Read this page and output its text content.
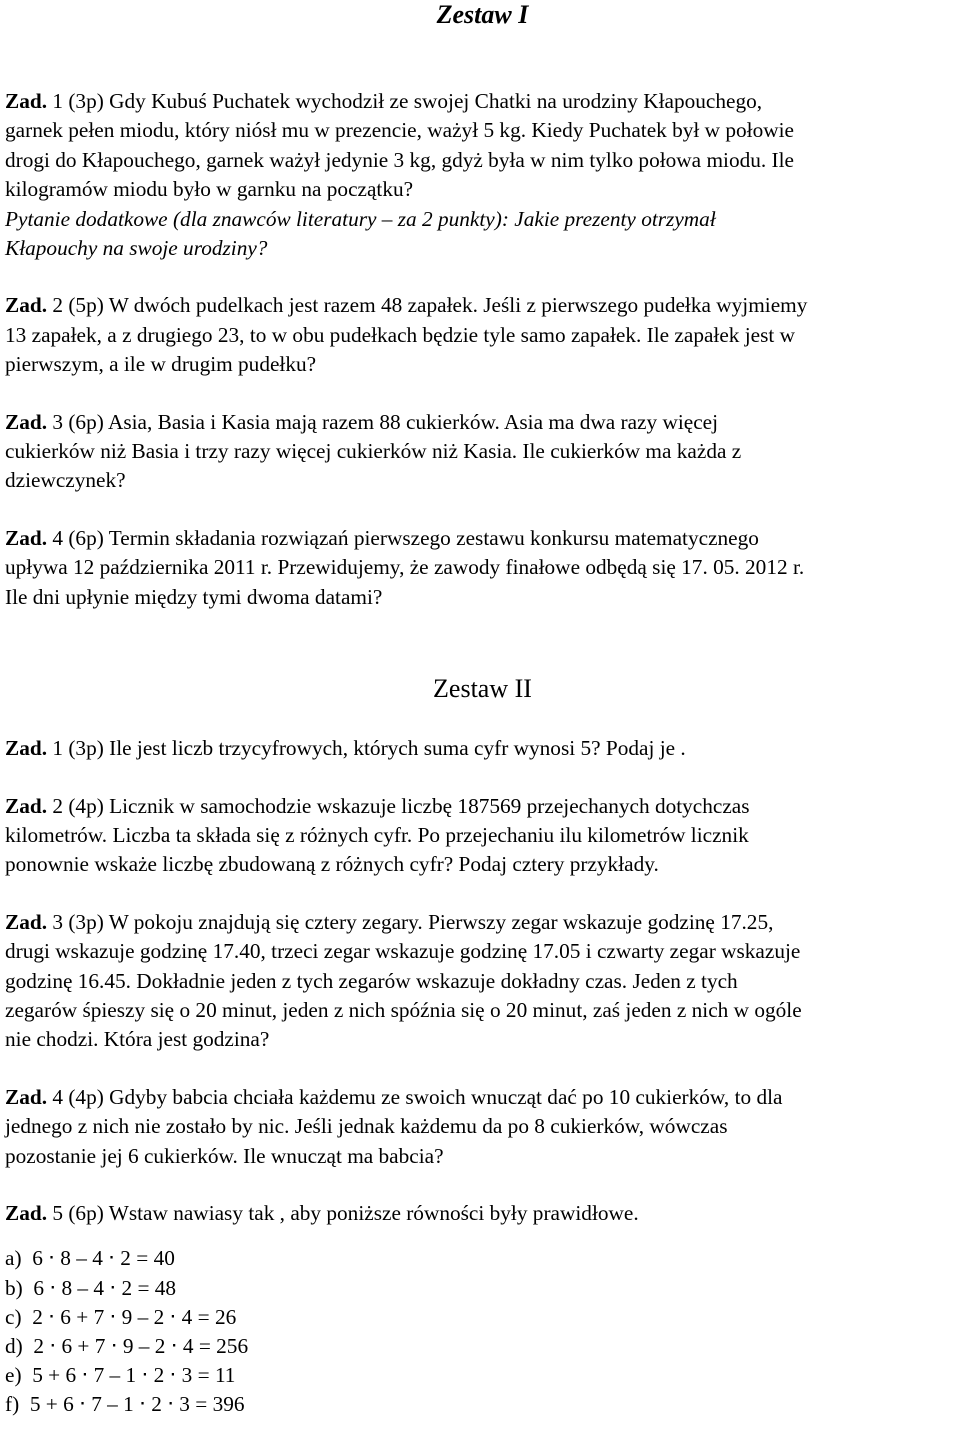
Zestaw I
Zad. 1 (3p) Gdy Kubuś Puchatek wychodził ze swojej Chatki na urodziny Kłapouchego,
garnek pełen miodu, który niósł mu w prezencie, ważył 5 kg. Kiedy Puchatek był w połowie
drogi do Kłapouchego, garnek ważył jedynie 3 kg, gdyż była w nim tylko połowa miodu. Ile
kilogramów miodu było w garnku na początku?
Pytanie dodatkowe (dla znawców literatury – za 2 punkty): Jakie prezenty otrzymał
Kłapouchy na swoje urodziny?
Zad. 2 (5p) W dwóch pudelkach jest razem 48 zapałek. Jeśli z pierwszego pudełka wyjmiemy
13 zapałek, a z drugiego 23, to w obu pudełkach będzie tyle samo zapałek. Ile zapałek jest w
pierwszym, a ile w drugim pudełku?
Zad. 3 (6p) Asia, Basia i Kasia mają razem 88 cukierków. Asia ma dwa razy więcej
cukierków niż Basia i trzy razy więcej cukierków niż Kasia. Ile cukierków ma każda z
dziewczynek?
Zad. 4 (6p) Termin składania rozwiązań pierwszego zestawu konkursu matematycznego
upływa 12 października 2011 r. Przewidujemy, że zawody finałowe odbędą się 17. 05. 2012 r.
Ile dni upłynie między tymi dwoma datami?
Zestaw II
Zad. 1 (3p) Ile jest liczb trzycyfrowych, których suma cyfr wynosi 5? Podaj je .
Zad. 2 (4p) Licznik w samochodzie wskazuje liczbę 187569 przejechanych dotychczas
kilometrów. Liczba ta składa się z różnych cyfr. Po przejechaniu ilu kilometrów licznik
ponownie wskaże liczbę zbudowaną z różnych cyfr? Podaj cztery przykłady.
Zad. 3 (3p) W pokoju znajdują się cztery zegary. Pierwszy zegar wskazuje godzinę 17.25,
drugi wskazuje godzinę 17.40, trzeci zegar wskazuje godzinę 17.05 i czwarty zegar wskazuje
godzinę 16.45. Dokładnie jeden z tych zegarów wskazuje dokładny czas. Jeden z tych
zegarów śpieszy się o 20 minut, jeden z nich spóźnia się o 20 minut, zaś jeden z nich w ogóle
nie chodzi. Która jest godzina?
Zad. 4 (4p) Gdyby babcia chciała każdemu ze swoich wnucząt dać po 10 cukierków, to dla
jednego z nich nie zostało by nic. Jeśli jednak każdemu da po 8 cukierków, wówczas
pozostanie jej 6 cukierków. Ile wnucząt ma babcia?
Zad. 5 (6p) Wstaw nawiasy tak , aby poniższe równości były prawidłowe.
a)  6 ⋅ 8 – 4 ⋅ 2 = 40
b)  6 ⋅ 8 – 4 ⋅ 2 = 48
c)  2 ⋅ 6 + 7 ⋅ 9 – 2 ⋅ 4 = 26
d)  2 ⋅ 6 + 7 ⋅ 9 – 2 ⋅ 4 = 256
e)  5 + 6 ⋅ 7 – 1 ⋅ 2 ⋅ 3 = 11
f)  5 + 6 ⋅ 7 – 1 ⋅ 2 ⋅ 3 = 396
